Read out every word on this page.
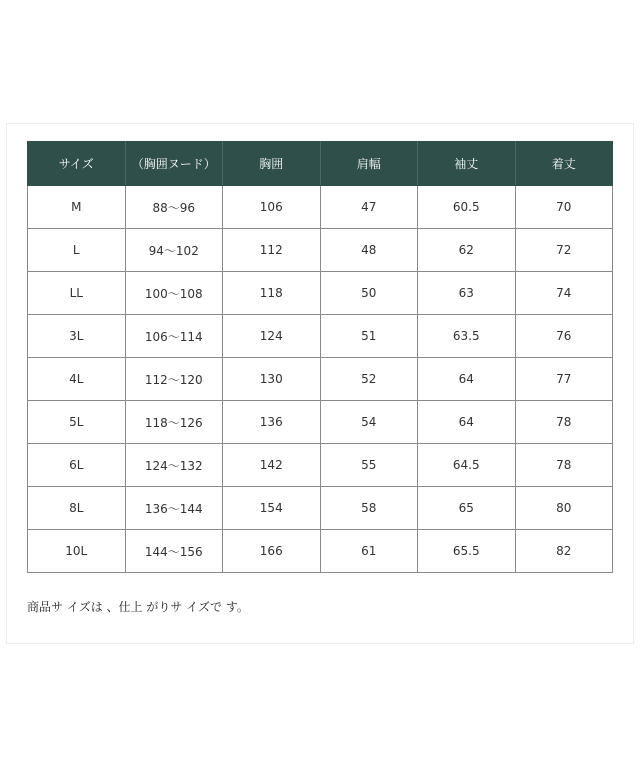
サイズ	（胸囲ヌード）	胸囲	肩幅	袖丈	着丈
M	88〜96	106	47	60.5	70
L	94〜102	112	48	62	72
LL	100〜108	118	50	63	74
3L	106〜114	124	51	63.5	76
4L	112〜120	130	52	64	77
5L	118〜126	136	54	64	78
6L	124〜132	142	55	64.5	78
8L	136〜144	154	58	65	80
10L	144〜156	166	61	65.5	82

商品サ イズは 、仕上 がりサ イズで す。
